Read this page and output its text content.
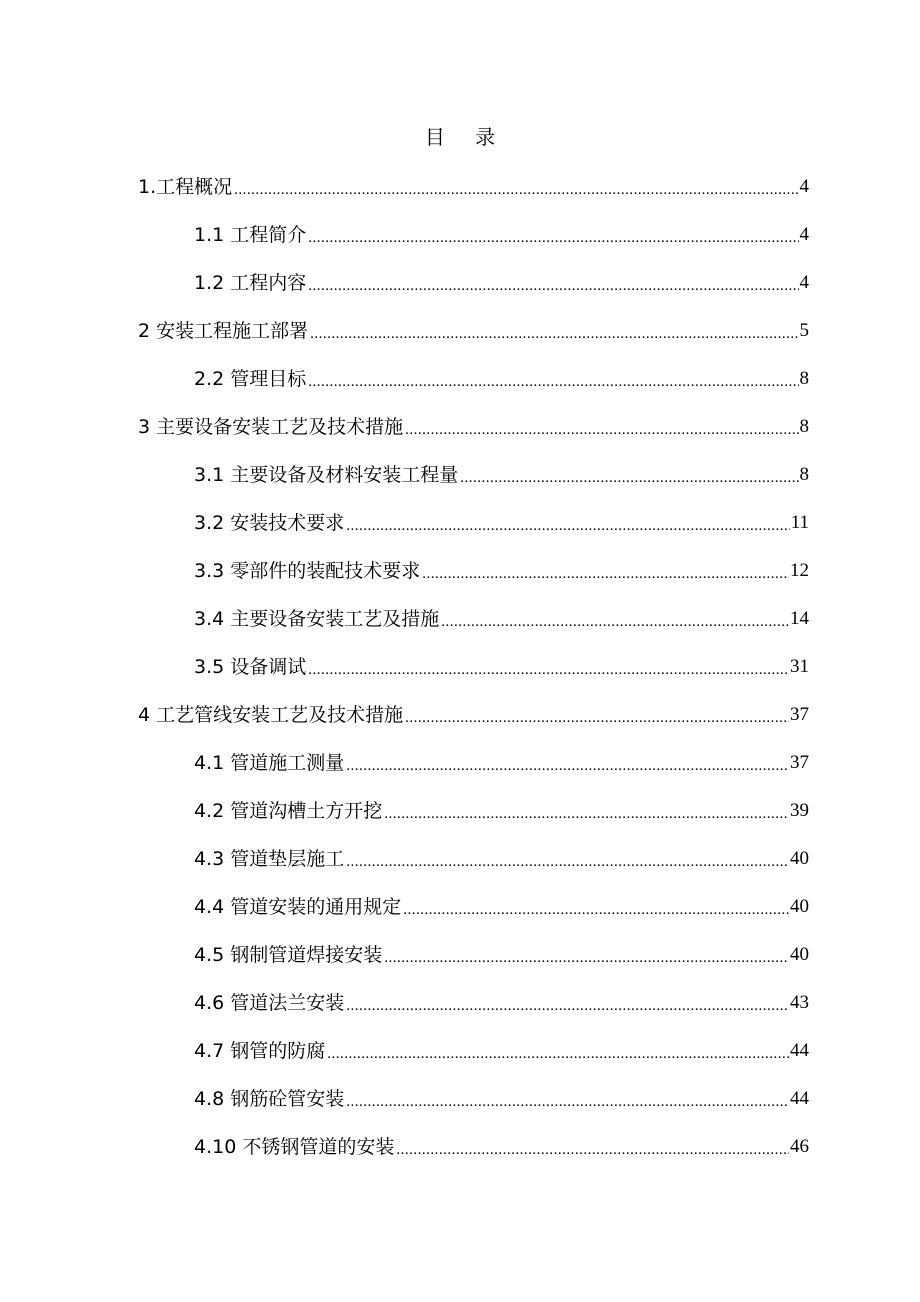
目 录
1.工程概况 .....	4
1.1 工程简介 .....	4
1.2 工程内容 .....	4
2 安装工程施工部署 .....	5
2.2 管理目标 .....	8
3 主要设备安装工艺及技术措施 .....	8
3.1 主要设备及材料安装工程量 .....	8
3.2 安装技术要求 .....	11
3.3 零部件的装配技术要求 .....	12
3.4 主要设备安装工艺及措施 .....	14
3.5 设备调试 .....	31
4 工艺管线安装工艺及技术措施 .....	37
4.1 管道施工测量 .....	37
4.2 管道沟槽土方开挖 .....	39
4.3 管道垫层施工 .....	40
4.4 管道安装的通用规定 .....	40
4.5 钢制管道焊接安装 .....	40
4.6 管道法兰安装 .....	43
4.7 钢管的防腐 .....	44
4.8 钢筋砼管安装 .....	44
4.10 不锈钢管道的安装 .....	46
